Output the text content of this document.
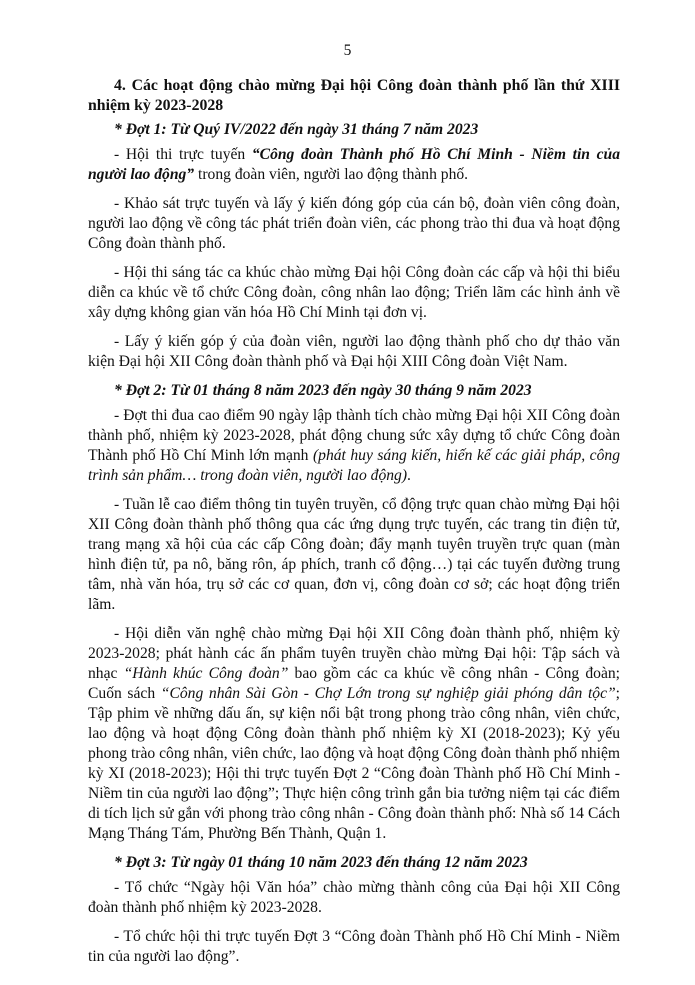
5
4. Các hoạt động chào mừng Đại hội Công đoàn thành phố lần thứ XIII nhiệm kỳ 2023-2028
* Đợt 1: Từ Quý IV/2022 đến ngày 31 tháng 7 năm 2023

- Hội thi trực tuyến “Công đoàn Thành phố Hồ Chí Minh - Niềm tin của người lao động” trong đoàn viên, người lao động thành phố.

- Khảo sát trực tuyến và lấy ý kiến đóng góp của cán bộ, đoàn viên công đoàn, người lao động về công tác phát triển đoàn viên, các phong trào thi đua và hoạt động Công đoàn thành phố.

- Hội thi sáng tác ca khúc chào mừng Đại hội Công đoàn các cấp và hội thi biểu diễn ca khúc về tổ chức Công đoàn, công nhân lao động; Triển lãm các hình ảnh về xây dựng không gian văn hóa Hồ Chí Minh tại đơn vị.

- Lấy ý kiến góp ý của đoàn viên, người lao động thành phố cho dự thảo văn kiện Đại hội XII Công đoàn thành phố và Đại hội XIII Công đoàn Việt Nam.

* Đợt 2: Từ 01 tháng 8 năm 2023 đến ngày 30 tháng 9 năm 2023

- Đợt thi đua cao điểm 90 ngày lập thành tích chào mừng Đại hội XII Công đoàn thành phố, nhiệm kỳ 2023-2028, phát động chung sức xây dựng tổ chức Công đoàn Thành phố Hồ Chí Minh lớn mạnh (phát huy sáng kiến, hiến kế các giải pháp, công trình sản phẩm… trong đoàn viên, người lao động).

- Tuần lễ cao điểm thông tin tuyên truyền, cổ động trực quan chào mừng Đại hội XII Công đoàn thành phố thông qua các ứng dụng trực tuyến, các trang tin điện tử, trang mạng xã hội của các cấp Công đoàn; đẩy mạnh tuyên truyền trực quan (màn hình điện tử, pa nô, băng rôn, áp phích, tranh cổ động…) tại các tuyến đường trung tâm, nhà văn hóa, trụ sở các cơ quan, đơn vị, công đoàn cơ sở; các hoạt động triển lãm.

- Hội diễn văn nghệ chào mừng Đại hội XII Công đoàn thành phố, nhiệm kỳ 2023-2028; phát hành các ấn phẩm tuyên truyền chào mừng Đại hội: Tập sách và nhạc “Hành khúc Công đoàn” bao gồm các ca khúc về công nhân - Công đoàn; Cuốn sách “Công nhân Sài Gòn - Chợ Lớn trong sự nghiệp giải phóng dân tộc”; Tập phim về những dấu ấn, sự kiện nổi bật trong phong trào công nhân, viên chức, lao động và hoạt động Công đoàn thành phố nhiệm kỳ XI (2018-2023); Kỷ yếu phong trào công nhân, viên chức, lao động và hoạt động Công đoàn thành phố nhiệm kỳ XI (2018-2023); Hội thi trực tuyến Đợt 2 “Công đoàn Thành phố Hồ Chí Minh - Niềm tin của người lao động”; Thực hiện công trình gắn bia tưởng niệm tại các điểm di tích lịch sử gắn với phong trào công nhân - Công đoàn thành phố: Nhà số 14 Cách Mạng Tháng Tám, Phường Bến Thành, Quận 1.

* Đợt 3: Từ ngày 01 tháng 10 năm 2023 đến tháng 12 năm 2023

- Tổ chức “Ngày hội Văn hóa” chào mừng thành công của Đại hội XII Công đoàn thành phố nhiệm kỳ 2023-2028.

- Tổ chức hội thi trực tuyến Đợt 3 “Công đoàn Thành phố Hồ Chí Minh - Niềm tin của người lao động”.
